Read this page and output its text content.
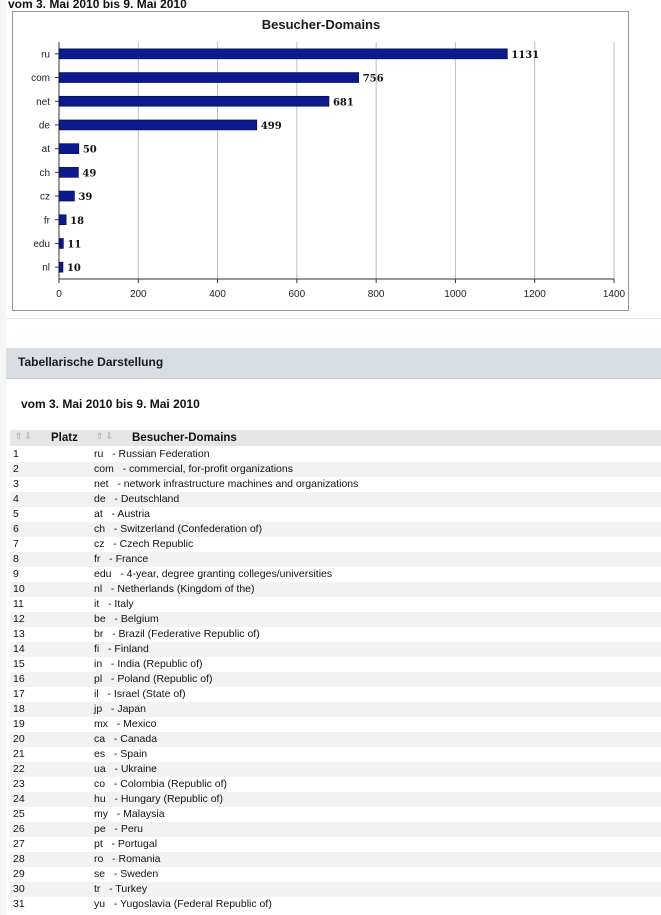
vom 3. Mai 2010 bis 9. Mai 2010
Besucher-Domains
0	200	400	600	800	1000	1200	1400
ru	1131
com	756
net	681
de	499
at	50
ch	49
cz	39
fr 18
edu 11
nl 10
Tabellarische Darstellung
vom 3. Mai 2010 bis 9. Mai 2010
⇧⇩ Platz ⇧⇩ Besucher-Domains
1	ru   - Russian Federation
2	com   - commercial, for-profit organizations
3	net   - network infrastructure machines and organizations
4	de   - Deutschland
5	at   - Austria
6	ch   - Switzerland (Confederation of)
7	cz   - Czech Republic
8	fr   - France
9	edu   - 4-year, degree granting colleges/universities
10	nl   - Netherlands (Kingdom of the)
11	it   - Italy
12	be   - Belgium
13	br   - Brazil (Federative Republic of)
14	fi   - Finland
15	in   - India (Republic of)
16	pl   - Poland (Republic of)
17	il   - Israel (State of)
18	jp   - Japan
19	mx   - Mexico
20	ca   - Canada
21	es   - Spain
22	ua   - Ukraine
23	co   - Colombia (Republic of)
24	hu   - Hungary (Republic of)
25	my   - Malaysia
26	pe   - Peru
27	pt   - Portugal
28	ro   - Romania
29	se   - Sweden
30	tr   - Turkey
31	yu   - Yugoslavia (Federal Republic of)
